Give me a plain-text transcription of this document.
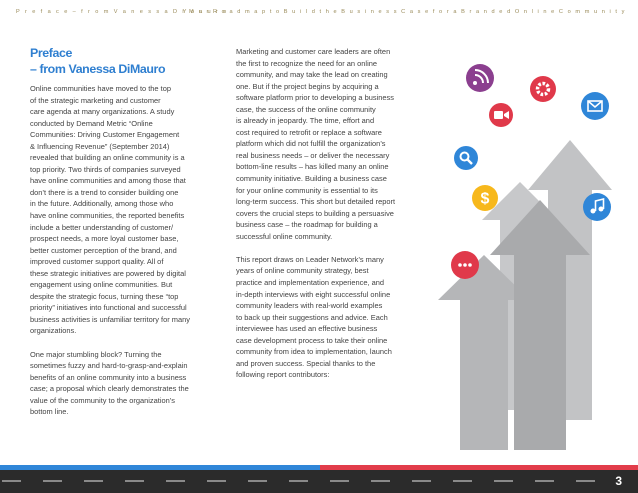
P r e f a c e – f r o m V a n e s s a D i M a u r o
Y o u r R o a d m a p t o B u i l d t h e B u s i n e s s C a s e f o r a B r a n d e d O n l i n e C o m m u n i t y
Preface
– from Vanessa DiMauro
Online communities have moved to the top
of the strategic marketing and customer
care agenda at many organizations. A study
conducted by Demand Metric “Online
Communities: Driving Customer Engagement
& Influencing Revenue” (September 2014)
revealed that building an online community is a
top priority. Two thirds of companies surveyed
have online communities and among those that
don’t there is a trend to consider building one
in the future. Additionally, among those who
have online communities, the reported benefits
include a better understanding of customer/
prospect needs, a more loyal customer base,
better customer perception of the brand, and
improved customer support quality. All of
these strategic initiatives are powered by digital
engagement using online communities. But
despite the strategic focus, turning these “top
priority” initiatives into functional and successful
business activities is unfamiliar territory for many
organizations.
One major stumbling block? Turning the
sometimes fuzzy and hard-to-grasp-and-explain
benefits of an online community into a business
case; a proposal which clearly demonstrates the
value of the community to the organization’s
bottom line.
Marketing and customer care leaders are often
the first to recognize the need for an online
community, and may take the lead on creating
one. But if the project begins by acquiring a
software platform prior to developing a business
case, the success of the online community
is already in jeopardy. The time, effort and
cost required to retrofit or replace a software
platform which did not fulfill the organization’s
real business needs – or deliver the necessary
bottom-line results – has killed many an online
community initiative. Building a business case
for your online community is essential to its
long-term success. This short but detailed report
covers the crucial steps to building a persuasive
business case – the roadmap for building a
successful online community.
This report draws on Leader Network’s many
years of online community strategy, best
practice and implementation experience, and
in-depth interviews with eight successful online
community leaders with real-world examples
to back up their suggestions and advice. Each
interviewee has used an effective business
case development process to take their online
community from idea to implementation, launch
and proven success. Special thanks to the
following report contributors:
$
3
